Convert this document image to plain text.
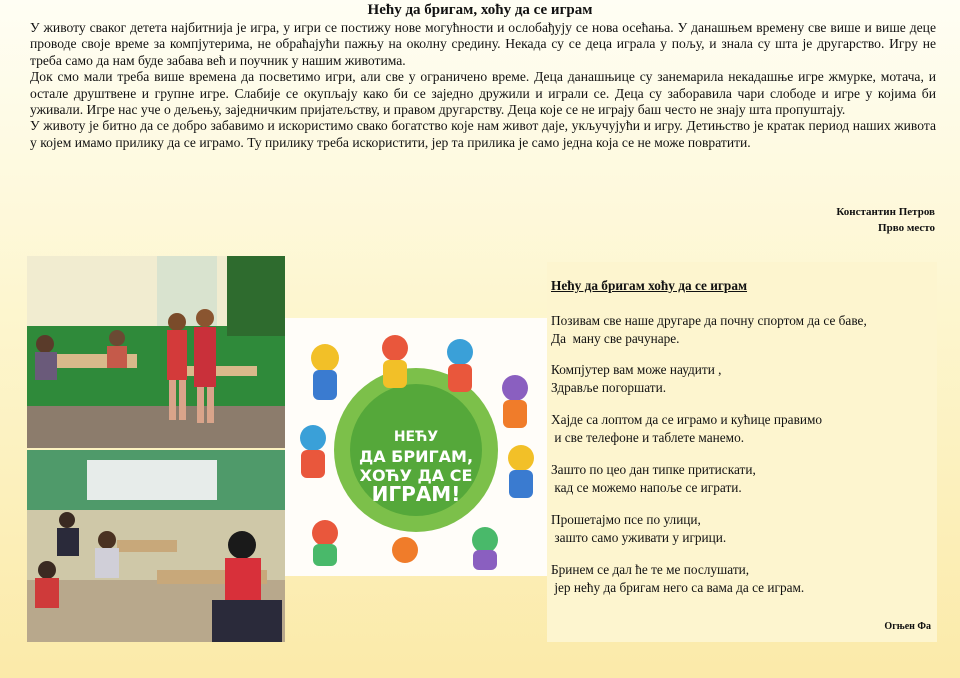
Нећу да бригам, хоћу да се играм

У животу сваког детета најбитнија је игра, у игри се постижу нове могућности и ослобађују се нова осећања. У данашњем времену све више и више деце проводе своје време за компјутерима, не обраћајући пажњу на околну средину. Некада су се деца играла у пољу, и знала су шта је другарство. Игру не треба само да нам буде забава већ и поучник у нашим животима.

Док смо мали треба више времена да посветимо игри, али све у ограничено време. Деца данашњице су занемарила некадашње игре жмурке, мотача, и остале друштвене и групне игре. Слабије се окупљају како би се заједно дружили и играли се. Деца су заборавила чари слободе и игре у којима би уживали. Игре нас уче о дељењу, заједничким пријатељству, и правом другарству. Деца које се не играју баш често не знају шта пропуштају.

У животу је битно да се добро забавимо и искористимо свако богатство које нам живот даје, укључујући и игру. Детињство је кратак период наших живота у којем имамо прилику да се играмо. Ту прилику треба искористити, јер та прилика је само једна која се не може повратити.

Константин Петров
Прво место
НЕЋУ
ДА БРИГАМ,
ХОЋУ ДА СЕ
ИГРАМ!
Нећу да бригам хоћу да се играм

Позивам све наше другаре да почну спортом да се баве,
Да  ману све рачунаре.

Компјутер вам може наудити ,
Здравље погоршати.

Хајде са лоптом да се играмо и кућице правимо
и све телефоне и таблете манемо.

Зашто по цео дан типке притискати,
кад се можемо напоље се играти.

Прошетајмо псе по улици,
зашто само уживати у игрици.

Бринем се дал ће те ме послушати,
јер нећу да бригам него са вама да се играм.

Огњен Фа
